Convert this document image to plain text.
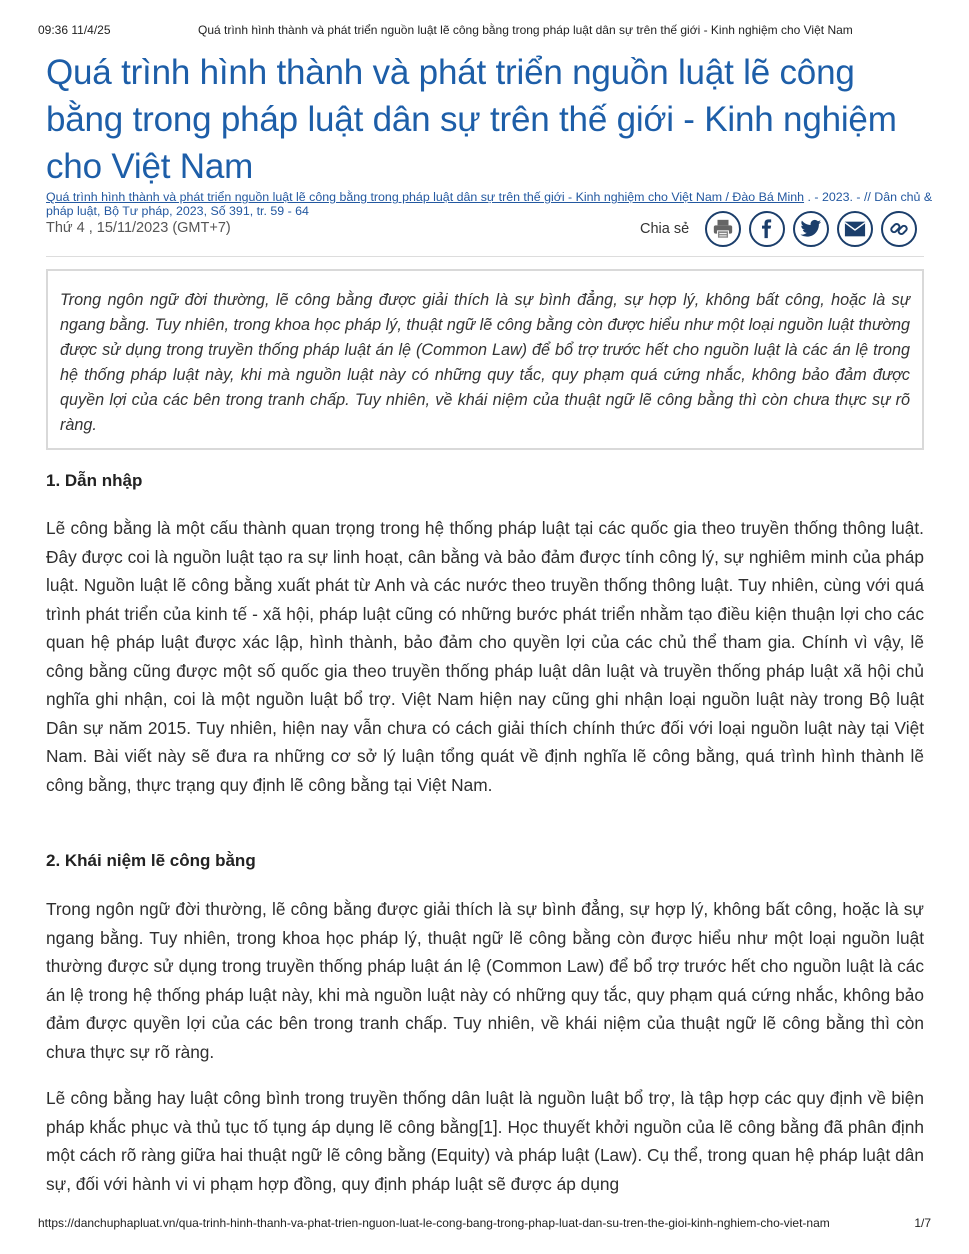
09:36 11/4/25	Quá trình hình thành và phát triển nguồn luật lẽ công bằng trong pháp luật dân sự trên thế giới - Kinh nghiệm cho Việt Nam
Quá trình hình thành và phát triển nguồn luật lẽ công bằng trong pháp luật dân sự trên thế giới - Kinh nghiệm cho Việt Nam
Quá trình hình thành và phát triển nguồn luật lẽ công bằng trong pháp luật dân sự trên thế giới - Kinh nghiệm cho Việt Nam / Đào Bá Minh . - 2023. - // Dân chủ & pháp luật, Bộ Tư pháp, 2023, Số 391, tr. 59 - 64
Thứ 4 , 15/11/2023 (GMT+7)	Chia sẻ
Trong ngôn ngữ đời thường, lẽ công bằng được giải thích là sự bình đẳng, sự hợp lý, không bất công, hoặc là sự ngang bằng. Tuy nhiên, trong khoa học pháp lý, thuật ngữ lẽ công bằng còn được hiểu như một loại nguồn luật thường được sử dụng trong truyền thống pháp luật án lệ (Common Law) để bổ trợ trước hết cho nguồn luật là các án lệ trong hệ thống pháp luật này, khi mà nguồn luật này có những quy tắc, quy phạm quá cứng nhắc, không bảo đảm được quyền lợi của các bên trong tranh chấp. Tuy nhiên, về khái niệm của thuật ngữ lẽ công bằng thì còn chưa thực sự rõ ràng.
1. Dẫn nhập

Lẽ công bằng là một cấu thành quan trọng trong hệ thống pháp luật tại các quốc gia theo truyền thống thông luật. Đây được coi là nguồn luật tạo ra sự linh hoạt, cân bằng và bảo đảm được tính công lý, sự nghiêm minh của pháp luật. Nguồn luật lẽ công bằng xuất phát từ Anh và các nước theo truyền thống thông luật. Tuy nhiên, cùng với quá trình phát triển của kinh tế - xã hội, pháp luật cũng có những bước phát triển nhằm tạo điều kiện thuận lợi cho các quan hệ pháp luật được xác lập, hình thành, bảo đảm cho quyền lợi của các chủ thể tham gia. Chính vì vậy, lẽ công bằng cũng được một số quốc gia theo truyền thống pháp luật dân luật và truyền thống pháp luật xã hội chủ nghĩa ghi nhận, coi là một nguồn luật bổ trợ. Việt Nam hiện nay cũng ghi nhận loại nguồn luật này trong Bộ luật Dân sự năm 2015. Tuy nhiên, hiện nay vẫn chưa có cách giải thích chính thức đối với loại nguồn luật này tại Việt Nam. Bài viết này sẽ đưa ra những cơ sở lý luận tổng quát về định nghĩa lẽ công bằng, quá trình hình thành lẽ công bằng, thực trạng quy định lẽ công bằng tại Việt Nam.

2. Khái niệm lẽ công bằng

Trong ngôn ngữ đời thường, lẽ công bằng được giải thích là sự bình đẳng, sự hợp lý, không bất công, hoặc là sự ngang bằng. Tuy nhiên, trong khoa học pháp lý, thuật ngữ lẽ công bằng còn được hiểu như một loại nguồn luật thường được sử dụng trong truyền thống pháp luật án lệ (Common Law) để bổ trợ trước hết cho nguồn luật là các án lệ trong hệ thống pháp luật này, khi mà nguồn luật này có những quy tắc, quy phạm quá cứng nhắc, không bảo đảm được quyền lợi của các bên trong tranh chấp. Tuy nhiên, về khái niệm của thuật ngữ lẽ công bằng thì còn chưa thực sự rõ ràng.

Lẽ công bằng hay luật công bình trong truyền thống dân luật là nguồn luật bổ trợ, là tập hợp các quy định về biện pháp khắc phục và thủ tục tố tụng áp dụng lẽ công bằng[1]. Học thuyết khởi nguồn của lẽ công bằng đã phân định một cách rõ ràng giữa hai thuật ngữ lẽ công bằng (Equity) và pháp luật (Law). Cụ thể, trong quan hệ pháp luật dân sự, đối với hành vi vi phạm hợp đồng, quy định pháp luật sẽ được áp dụng

https://danchuphapluat.vn/qua-trinh-hinh-thanh-va-phat-trien-nguon-luat-le-cong-bang-trong-phap-luat-dan-su-tren-the-gioi-kinh-nghiem-cho-viet-nam	1/7
